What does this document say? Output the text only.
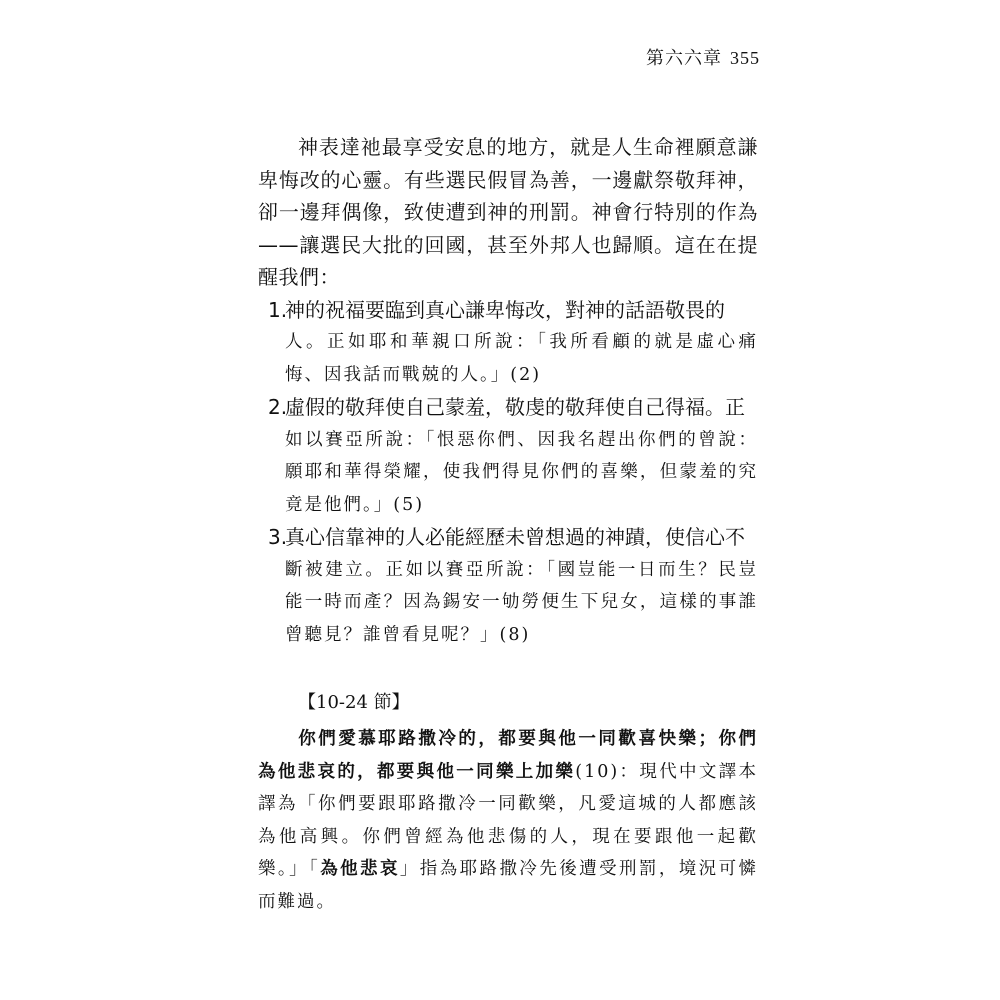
第六六章 355

神表達祂最享受安息的地方，就是人生命裡願意謙卑悔改的心靈。有些選民假冒為善，一邊獻祭敬拜神，卻一邊拜偶像，致使遭到神的刑罰。神會行特別的作為——讓選民大批的回國，甚至外邦人也歸順。這在在提醒我們：

1.
神的祝福要臨到真心謙卑悔改，對神的話語敬畏的
人。正如耶和華親口所說：「我所看顧的就是虛心痛悔、因我話而戰兢的人。」(2)
2.
虛假的敬拜使自己蒙羞，敬虔的敬拜使自己得福。正
如以賽亞所說：「恨惡你們、因我名趕出你們的曾說：願耶和華得榮耀，使我們得見你們的喜樂，但蒙羞的究竟是他們。」(5)
3.
真心信靠神的人必能經歷未曾想過的神蹟，使信心不
斷被建立。正如以賽亞所說：「國豈能一日而生？民豈能一時而產？因為錫安一劬勞便生下兒女，這樣的事誰曾聽見？誰曾看見呢？」(8)
【10-24 節】

你們愛慕耶路撒冷的，都要與他一同歡喜快樂；你們為他悲哀的，都要與他一同樂上加樂(10)：現代中文譯本譯為「你們要跟耶路撒冷一同歡樂，凡愛這城的人都應該為他高興。你們曾經為他悲傷的人，現在要跟他一起歡樂。」「為他悲哀」指為耶路撒冷先後遭受刑罰，境況可憐而難過。
